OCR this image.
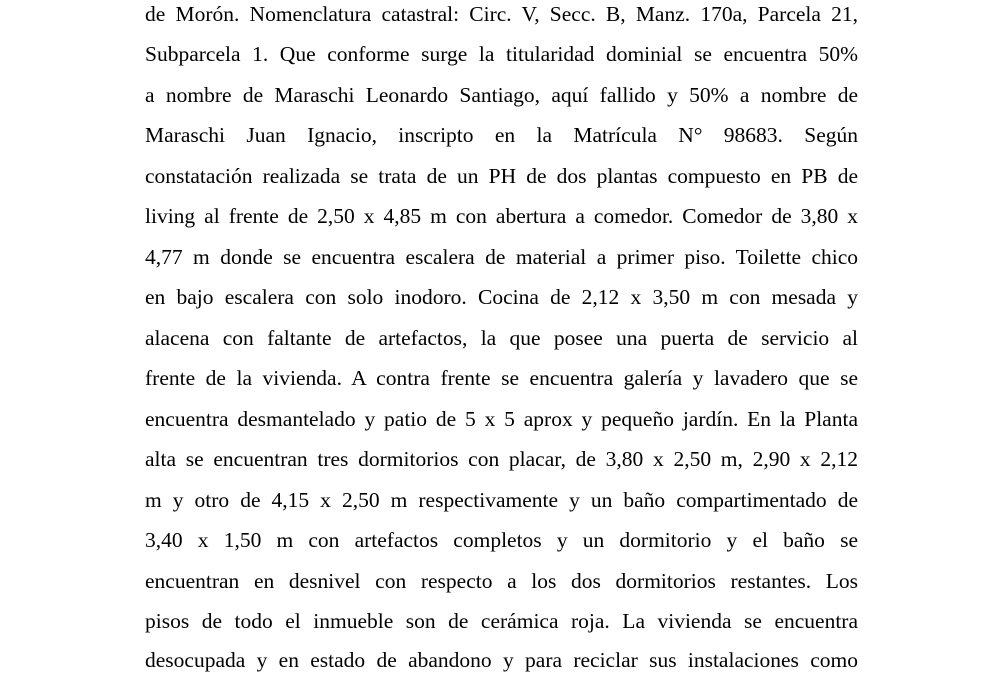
de Morón. Nomenclatura catastral: Circ. V, Secc. B, Manz. 170a, Parcela 21,
Subparcela 1. Que conforme surge la titularidad dominial se encuentra 50%
a nombre de Maraschi Leonardo Santiago, aquí fallido y 50% a nombre de
Maraschi Juan Ignacio, inscripto en la Matrícula N° 98683. Según
constatación realizada se trata de un PH de dos plantas compuesto en PB de
living al frente de 2,50 x 4,85 m con abertura a comedor. Comedor de 3,80 x
4,77 m donde se encuentra escalera de material a primer piso. Toilette chico
en bajo escalera con solo inodoro. Cocina de 2,12 x 3,50 m con mesada y
alacena con faltante de artefactos, la que posee una puerta de servicio al
frente de la vivienda. A contra frente se encuentra galería y lavadero que se
encuentra desmantelado y patio de 5 x 5 aprox y pequeño jardín. En la Planta
alta se encuentran tres dormitorios con placar, de 3,80 x 2,50 m, 2,90 x 2,12
m y otro de 4,15 x 2,50 m respectivamente y un baño compartimentado de
3,40 x 1,50 m con artefactos completos y un dormitorio y el baño se
encuentran en desnivel con respecto a los dos dormitorios restantes. Los
pisos de todo el inmueble son de cerámica roja. La vivienda se encuentra
desocupada y en estado de abandono y para reciclar sus instalaciones como
